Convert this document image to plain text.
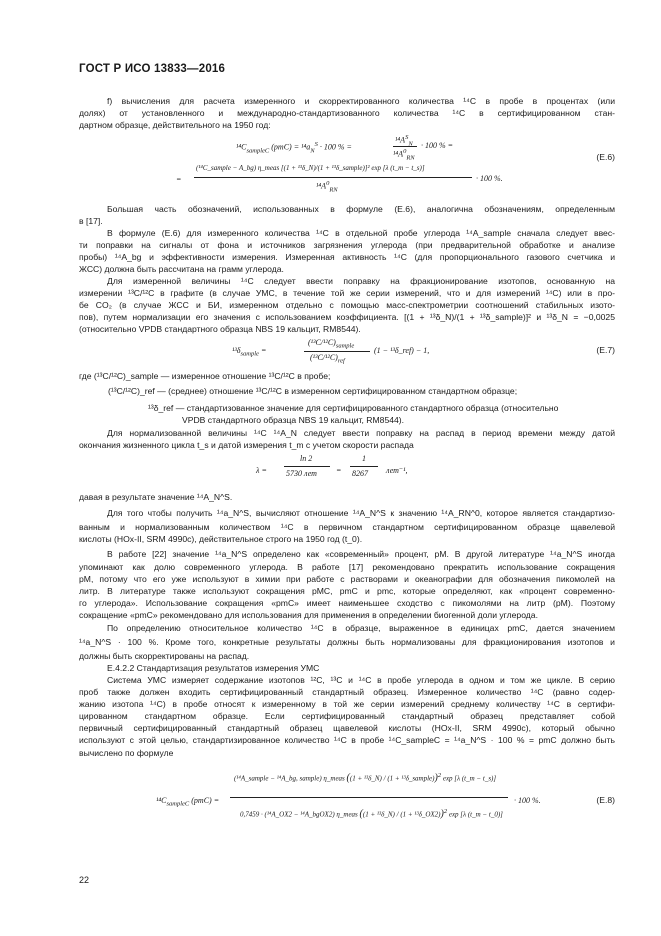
ГОСТ Р ИСО 13833—2016
f) вычисления для расчета измеренного и скорректированного количества ¹⁴C в пробе в процентах (или
долях) от установленного и международно-стандартизованного количества ¹⁴C в сертифицированном стан-
дартном образце, действительного на 1950 год:
$^{14}C_{sampleC}$ $(pmC) = ^{14}a_N^S \cdot 100$ % =
$^{14}A^S_N$
$^{14}A^0_{RN}$
· 100 % =
(E.6)
=
(¹⁴C_sample − A_bg) η_meas [(1 + ¹³δ_N)/(1 + ¹³δ_sample)]² exp [λ (t_m − t_s)]
$^{14}A^0_{RN}$
· 100 %.
Большая часть обозначений, использованных в формуле (E.6), аналогична обозначениям, определенным
в [17].
В формуле (E.6) для измеренного количества ¹⁴C в отдельной пробе углерода ¹⁴A_sample сначала следует ввес-
ти поправки на сигналы от фона и источников загрязнения углерода (при предварительной обработке и анализе
пробы) ¹⁴A_bg и эффективности измерения. Измеренная активность ¹⁴C (для пропорционального газового счетчика и
ЖСС) должна быть рассчитана на грамм углерода.
Для измеренной величины ¹⁴C следует ввести поправку на фракционирование изотопов, основанную на
измерении ¹³C/¹²C в графите (в случае УМС, в течение той же серии измерений, что и для измерений ¹⁴C) или в про-
бе CO₂ (в случае ЖСС и БИ, измеренном отдельно с помощью масс-спектрометрии соотношений стабильных изото-
пов), путем нормализации его значения с использованием коэффициента. [(1 + ¹³δ_N)/(1 + ¹³δ_sample)]² и ¹³δ_N = −0,0025
(относительно VPDB стандартного образца NBS 19 кальцит, RM8544).
$^{13}\delta_{sample}$ =
$(^{13}C/^{12}C)_{sample}$
$(^{13}C/^{12}C)_{ref}$
(1 − ¹³δ_ref) − 1,	(E.7)
где (¹³C/¹²C)_sample — измеренное отношение ¹³C/¹²C в пробе;
(¹³C/¹²C)_ref — (среднее) отношение ¹³C/¹²C в измеренном сертифицированном стандартном образце;
¹³δ_ref — стандартизованное значение для сертифицированного стандартного образца (относительно
VPDB стандартного образца NBS 19 кальцит, RM8544).
Для нормализованной величины ¹⁴C ¹⁴A_N следует ввести поправку на распад в период времени между датой
окончания жизненного цикла t_s и датой измерения t_m с учетом скорости распада
λ =
ln 2
5730 лет =
1
8267 лет⁻¹,
давая в результате значение ¹⁴A_N^S.
Для того чтобы получить ¹⁴a_N^S, вычисляют отношение ¹⁴A_N^S к значению ¹⁴A_RN^0, которое является стандартизо-
ванным и нормализованным количеством ¹⁴C в первичном стандартном сертифицированном образце щавелевой
кислоты (HOx-II, SRM 4990c), действительное строго на 1950 год (t_0).
В работе [22] значение ¹⁴a_N^S определено как «современный» процент, pM. В другой литературе ¹⁴a_N^S иногда
упоминают как долю современного углерода. В работе [17] рекомендовано прекратить использование сокращения
pM, потому что его уже используют в химии при работе с растворами и океанографии для обозначения пикомолей на
литр. В литературе также используют сокращения pMC, pmC и pmc, которые определяют, как «процент современно-
го углерода». Использование сокращения «pmC» имеет наименьшее сходство с пикомолями на литр (pM). Поэтому
сокращение «pmC» рекомендовано для использования для применения в определении биогенной доли углерода.
По определению относительное количество ¹⁴C в образце, выраженное в единицах pmC, дается значением
¹⁴a_N^S · 100 %. Кроме того, конкретные результаты должны быть нормализованы для фракционирования изотопов и
должны быть скорректированы на распад.
E.4.2.2 Стандартизация результатов измерения УМС
Система УМС измеряет содержание изотопов ¹²C, ¹³C и ¹⁴C в пробе углерода в одном и том же цикле. В серию
проб также должен входить сертифицированный стандартный образец. Измеренное количество ¹⁴C (равно содер-
жанию изотопа ¹⁴C) в пробе относят к измеренному в той же серии измерений среднему количеству ¹⁴C в сертифи-
цированном стандартном образце. Если сертифицированный стандартный образец представляет собой
первичный сертифицированный стандартный образец щавелевой кислоты (HOx-II, SRM 4990c), который обычно
используют с этой целью, стандартизированное количество ¹⁴C в пробе ¹⁴C_sampleC = ¹⁴a_N^S · 100 % = pmC должно быть
вычислено по формуле
$^{14}C_{sampleC}$ (pmC) =
(¹⁴A_sample − ¹⁴A_bg, sample) η_meas ((1 + ¹³δ_N) / (1 + ¹³δ_sample))$^2$ exp [λ (t_m − t_s)]
0,7459 · (¹⁴A_OX2 − ¹⁴A_bgOX2) η_meas ((1 + ¹³δ_N) / (1 + ¹³δ_OX2))$^2$ exp [λ (t_m − t_0)]
· 100 %.	(E.8)
22
